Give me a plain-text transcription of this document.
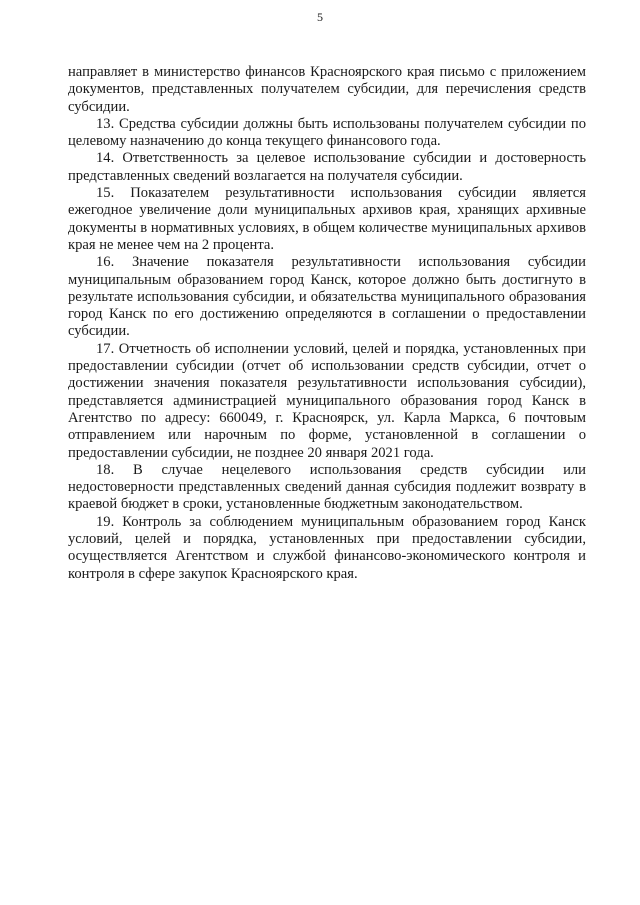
5

направляет в министерство финансов Красноярского края письмо с приложением документов, представленных получателем субсидии, для перечисления средств субсидии.

13. Средства субсидии должны быть использованы получателем субсидии по целевому назначению до конца текущего финансового года.

14. Ответственность за целевое использование субсидии и достоверность представленных сведений возлагается на получателя субсидии.

15. Показателем результативности использования субсидии является ежегодное увеличение доли муниципальных архивов края, хранящих архивные документы в нормативных условиях, в общем количестве муниципальных архивов края не менее чем на 2 процента.

16. Значение показателя результативности использования субсидии муниципальным образованием город Канск, которое должно быть достигнуто в результате использования субсидии, и обязательства муниципального образования город Канск по его достижению определяются в соглашении о предоставлении субсидии.

17. Отчетность об исполнении условий, целей и порядка, установленных при предоставлении субсидии (отчет об использовании средств субсидии, отчет о достижении значения показателя результативности использования субсидии), представляется администрацией муниципального образования город Канск в Агентство по адресу: 660049, г. Красноярск, ул. Карла Маркса, 6 почтовым отправлением или нарочным по форме, установленной в соглашении о предоставлении субсидии, не позднее 20 января 2021 года.

18. В случае нецелевого использования средств субсидии или недостоверности представленных сведений данная субсидия подлежит возврату в краевой бюджет в сроки, установленные бюджетным законодательством.

19. Контроль за соблюдением муниципальным образованием город Канск условий, целей и порядка, установленных при предоставлении субсидии, осуществляется Агентством и службой финансово-экономического контроля и контроля в сфере закупок Красноярского края.
